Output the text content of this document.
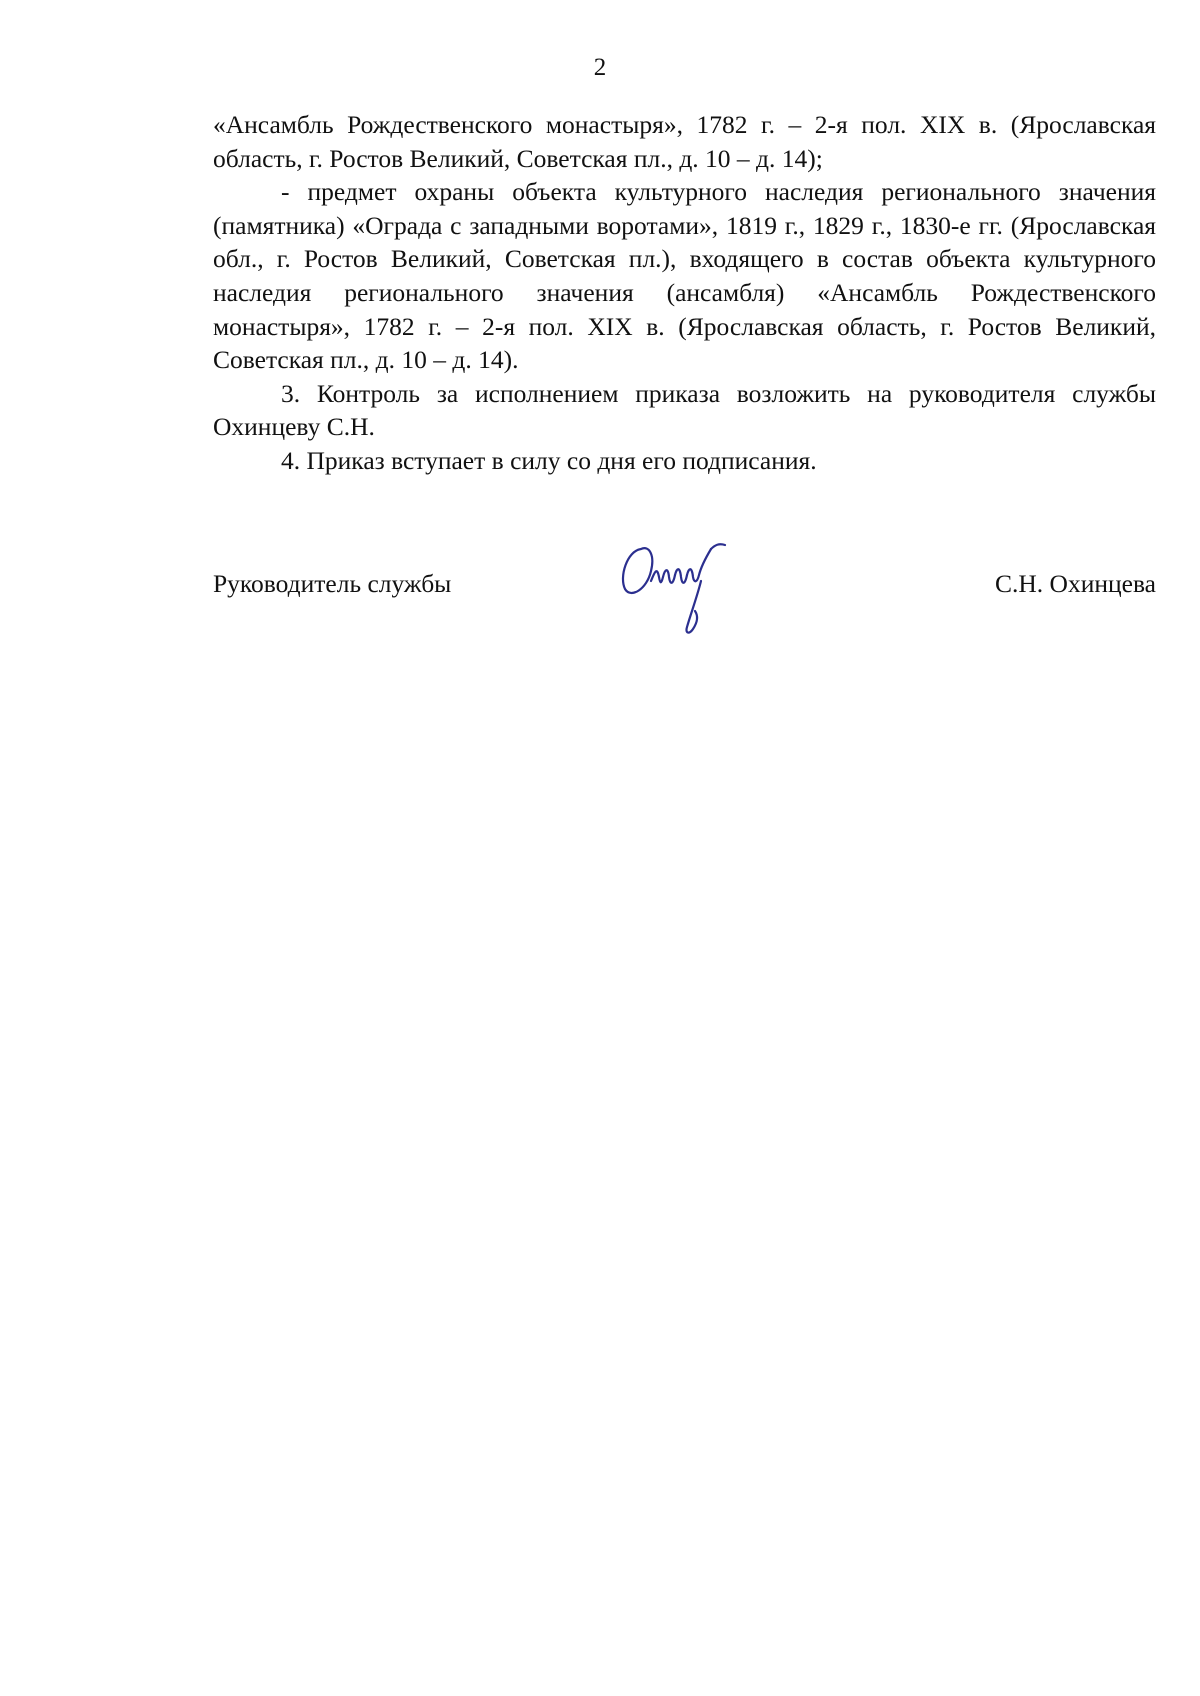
2

«Ансамбль Рождественского монастыря», 1782 г. – 2-я пол. XIX в. (Ярославская область, г. Ростов Великий, Советская пл., д. 10 – д. 14);

- предмет охраны объекта культурного наследия регионального значения (памятника) «Ограда с западными воротами», 1819 г., 1829 г., 1830-е гг. (Ярославская обл., г. Ростов Великий, Советская пл.), входящего в состав объекта культурного наследия регионального значения (ансамбля) «Ансамбль Рождественского монастыря», 1782 г. – 2-я пол. XIX в. (Ярославская область, г. Ростов Великий, Советская пл., д. 10 – д. 14).

3. Контроль за исполнением приказа возложить на руководителя службы Охинцеву С.Н.

4. Приказ вступает в силу со дня его подписания.

Руководитель службы	С.Н. Охинцева
